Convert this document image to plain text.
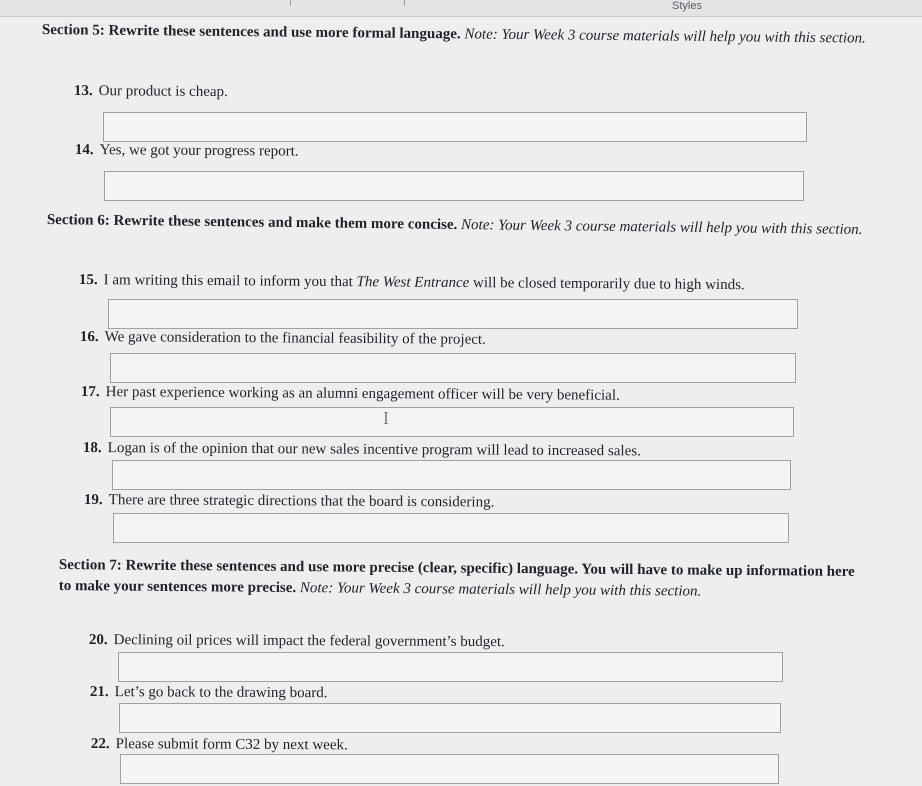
Styles
Section 5: Rewrite these sentences and use more formal language. Note: Your Week 3 course materials will help you with this section.
13. Our product is cheap.
14. Yes, we got your progress report.
Section 6: Rewrite these sentences and make them more concise. Note: Your Week 3 course materials will help you with this section.
15. I am writing this email to inform you that The West Entrance will be closed temporarily due to high winds.
16. We gave consideration to the financial feasibility of the project.
17. Her past experience working as an alumni engagement officer will be very beneficial.
Ｉ
18. Logan is of the opinion that our new sales incentive program will lead to increased sales.
19. There are three strategic directions that the board is considering.
Section 7: Rewrite these sentences and use more precise (clear, specific) language. You will have to make up information here to make your sentences more precise. Note: Your Week 3 course materials will help you with this section.
20. Declining oil prices will impact the federal government’s budget.
21. Let’s go back to the drawing board.
22. Please submit form C32 by next week.
